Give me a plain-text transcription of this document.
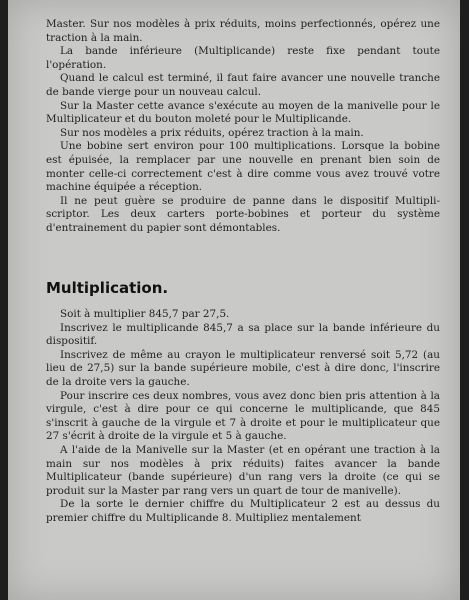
Master. Sur nos modèles à prix réduits, moins perfectionnés, opérez une traction à la main.

La bande inférieure (Multiplicande) reste fixe pendant toute l'opération.

Quand le calcul est terminé, il faut faire avancer une nouvelle tranche de bande vierge pour un nouveau calcul.

Sur la Master cette avance s'exécute au moyen de la manivelle pour le Multiplicateur et du bouton moleté pour le Multiplicande.

Sur nos modèles a prix réduits, opérez traction à la main.

Une bobine sert environ pour 100 multiplications. Lorsque la bobine est épuisée, la remplacer par une nouvelle en prenant bien soin de monter celle-ci correctement c'est à dire comme vous avez trouvé votre machine équipée a réception.

Il ne peut guère se produire de panne dans le dispositif Multipli-scriptor. Les deux carters porte-bobines et porteur du système d'entrainement du papier sont démontables.

Multiplication.

Soit à multiplier 845,7 par 27,5.

Inscrivez le multiplicande 845,7 a sa place sur la bande inférieure du dispositif.

Inscrivez de même au crayon le multiplicateur renversé soit 5,72 (au lieu de 27,5) sur la bande supérieure mobile, c'est à dire donc, l'inscrire de la droite vers la gauche.

Pour inscrire ces deux nombres, vous avez donc bien pris attention à la virgule, c'est à dire pour ce qui concerne le multiplicande, que 845 s'inscrit à gauche de la virgule et 7 à droite et pour le multiplicateur que 27 s'écrit à droite de la virgule et 5 à gauche.

A l'aide de la Manivelle sur la Master (et en opérant une traction à la main sur nos modèles à prix réduits) faites avancer la bande Multiplicateur (bande supérieure) d'un rang vers la droite (ce qui se produit sur la Master par rang vers un quart de tour de manivelle).

De la sorte le dernier chiffre du Multiplicateur 2 est au dessus du premier chiffre du Multiplicande 8. Multipliez mentalement
